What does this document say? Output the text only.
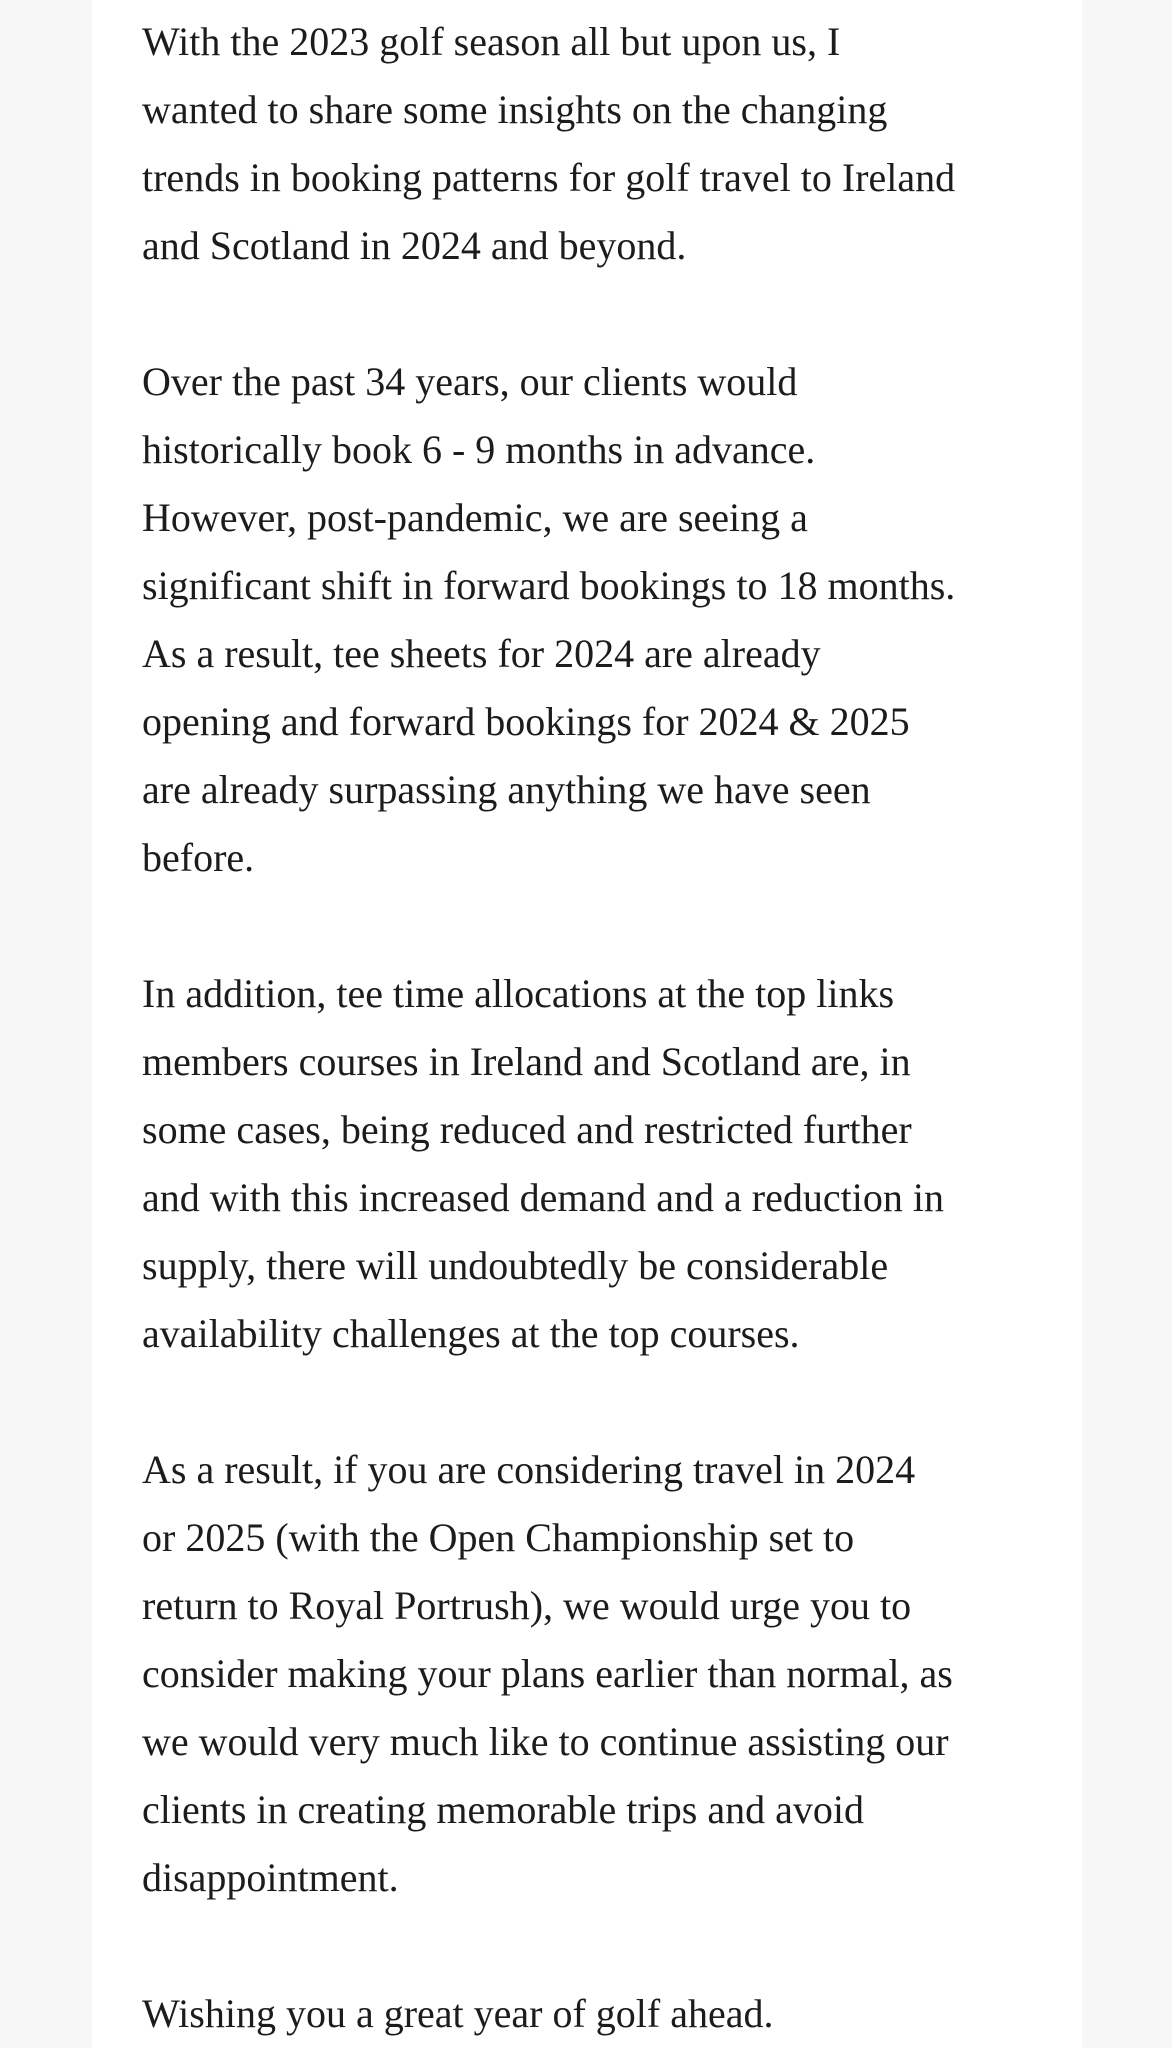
With the 2023 golf season all but upon us, I
wanted to share some insights on the changing
trends in booking patterns for golf travel to Ireland
and Scotland in 2024 and beyond.

Over the past 34 years, our clients would
historically book 6 - 9 months in advance.
However, post-pandemic, we are seeing a
significant shift in forward bookings to 18 months.
As a result, tee sheets for 2024 are already
opening and forward bookings for 2024 & 2025
are already surpassing anything we have seen
before.

In addition, tee time allocations at the top links
members courses in Ireland and Scotland are, in
some cases, being reduced and restricted further
and with this increased demand and a reduction in
supply, there will undoubtedly be considerable
availability challenges at the top courses.

As a result, if you are considering travel in 2024
or 2025 (with the Open Championship set to
return to Royal Portrush), we would urge you to
consider making your plans earlier than normal, as
we would very much like to continue assisting our
clients in creating memorable trips and avoid
disappointment.

Wishing you a great year of golf ahead.
